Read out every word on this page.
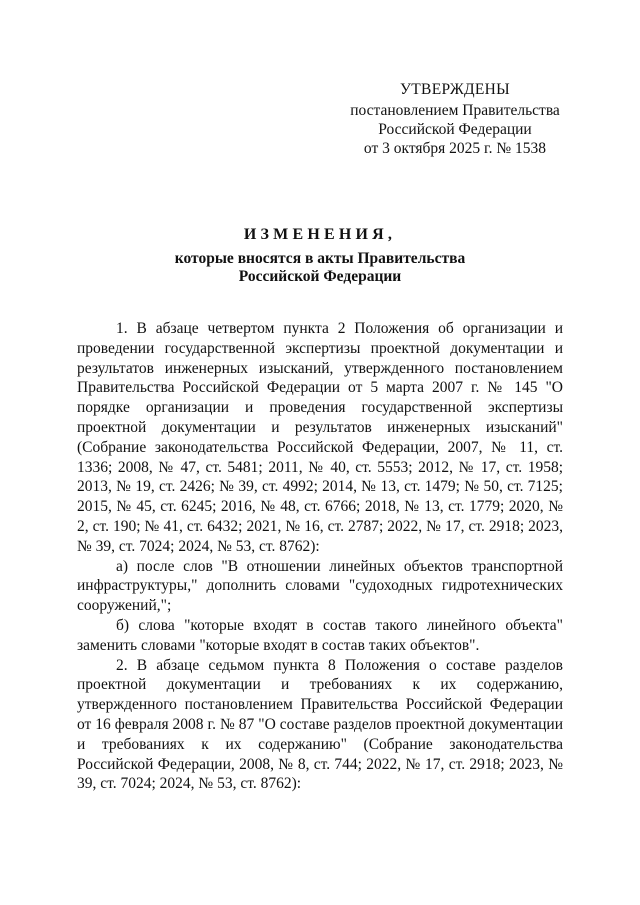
УТВЕРЖДЕНЫ
постановлением Правительства
Российской Федерации
от 3 октября 2025 г. № 1538
ИЗМЕНЕНИЯ,
которые вносятся в акты Правительства
Российской Федерации

1. В абзаце четвертом пункта 2 Положения об организации и проведении государственной экспертизы проектной документации и результатов инженерных изысканий, утвержденного постановлением Правительства Российской Федерации от 5 марта 2007 г. № 145 "О порядке организации и проведения государственной экспертизы проектной документации и результатов инженерных изысканий" (Собрание законодательства Российской Федерации, 2007, № 11, ст. 1336; 2008, № 47, ст. 5481; 2011, № 40, ст. 5553; 2012, № 17, ст. 1958; 2013, № 19, ст. 2426; № 39, ст. 4992; 2014, № 13, ст. 1479; № 50, ст. 7125; 2015, № 45, ст. 6245; 2016, № 48, ст. 6766; 2018, № 13, ст. 1779; 2020, № 2, ст. 190; № 41, ст. 6432; 2021, № 16, ст. 2787; 2022, № 17, ст. 2918; 2023, № 39, ст. 7024; 2024, № 53, ст. 8762):

а) после слов "В отношении линейных объектов транспортной инфраструктуры," дополнить словами "судоходных гидротехнических сооружений,";

б) слова "которые входят в состав такого линейного объекта" заменить словами "которые входят в состав таких объектов".

2. В абзаце седьмом пункта 8 Положения о составе разделов проектной документации и требованиях к их содержанию, утвержденного постановлением Правительства Российской Федерации от 16 февраля 2008 г. № 87 "О составе разделов проектной документации и требованиях к их содержанию" (Собрание законодательства Российской Федерации, 2008, № 8, ст. 744; 2022, № 17, ст. 2918; 2023, № 39, ст. 7024; 2024, № 53, ст. 8762):
